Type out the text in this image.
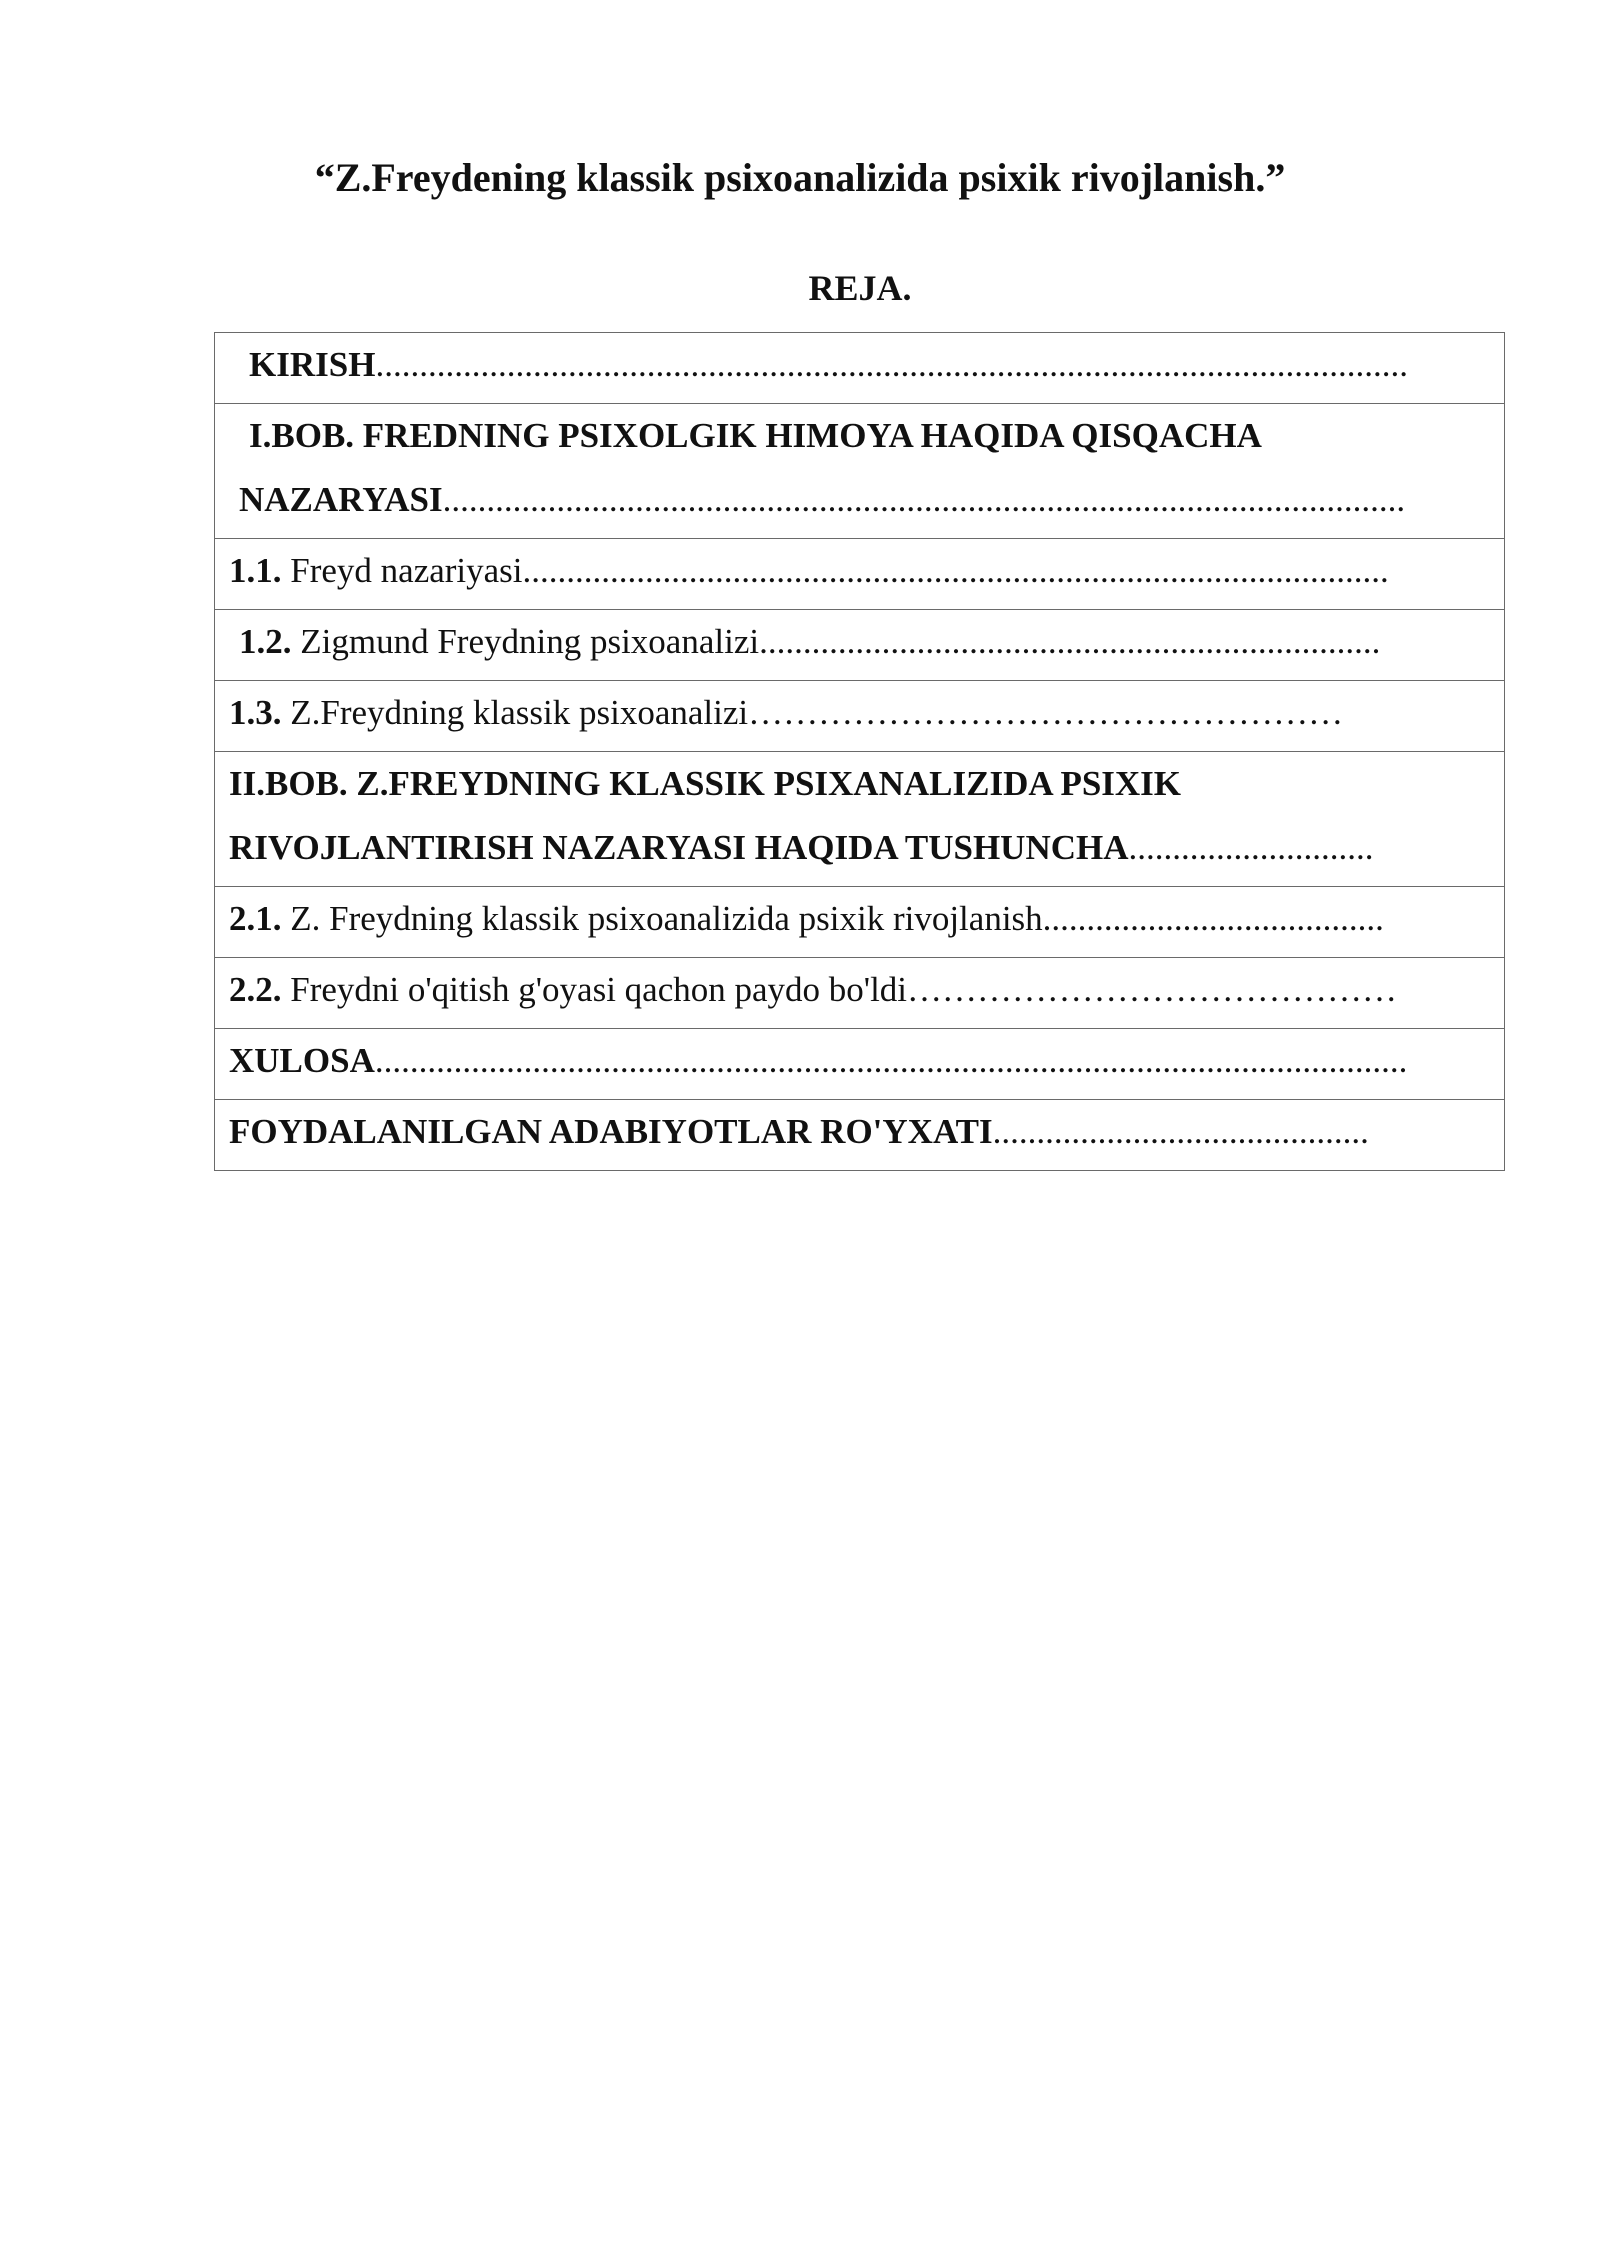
“Z.Freydening klassik psixoanalizida psixik rivojlanish.”
REJA.
KIRISH......................................................................................................................
I.BOB. FREDNING PSIXOLGIK HIMOYA HAQIDA QISQACHA NAZARYASI..............................................................................................................
1.1. Freyd nazariyasi...................................................................................................
1.2. Zigmund Freydning psixoanalizi.......................................................................
1.3. Z.Freydning klassik psixoanalizi……………………………………………
II.BOB. Z.FREYDNING KLASSIK PSIXANALIZIDA PSIXIK RIVOJLANTIRISH NAZARYASI HAQIDA TUSHUNCHA............................
2.1. Z. Freydning klassik psixoanalizida psixik rivojlanish.......................................
2.2. Freydni o'qitish g'oyasi qachon paydo bo'ldi……………………………………
XULOSA......................................................................................................................
FOYDALANILGAN ADABIYOTLAR RO'YXATI...........................................
